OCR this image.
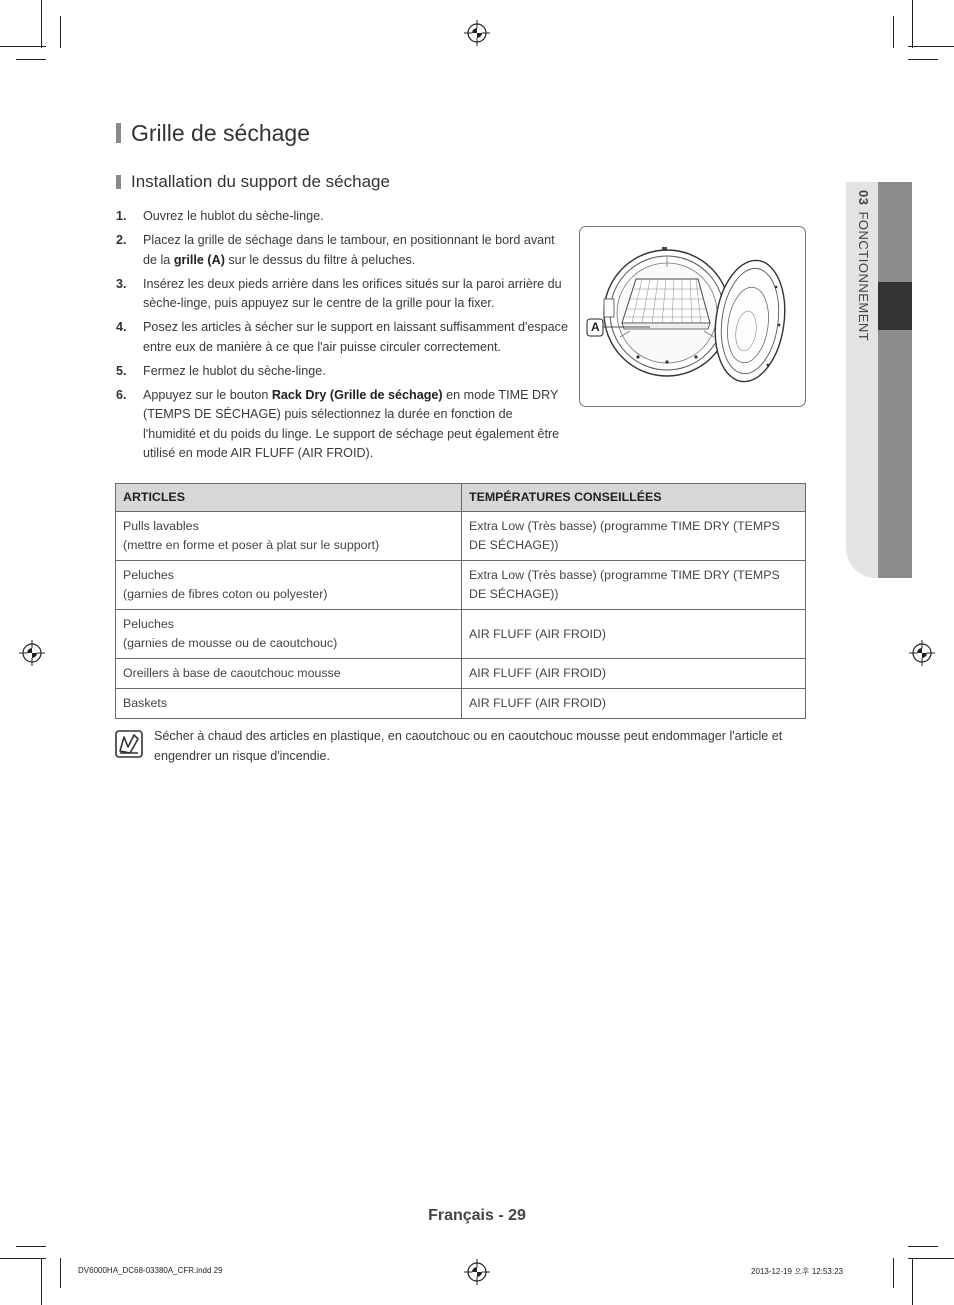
03FONCTIONNEMENT
Grille de séchage
Installation du support de séchage
1.	Ouvrez le hublot du sèche-linge.
2.	Placez la grille de séchage dans le tambour, en positionnant le bord avant de la grille (A) sur le dessus du filtre à peluches.
3.	Insérez les deux pieds arrière dans les orifices situés sur la paroi arrière du sèche-linge, puis appuyez sur le centre de la grille pour la fixer.
4.	Posez les articles à sécher sur le support en laissant suffisamment d'espace entre eux de manière à ce que l'air puisse circuler correctement.
5.	Fermez le hublot du sèche-linge.
6.	Appuyez sur le bouton Rack Dry (Grille de séchage) en mode TIME DRY (TEMPS DE SÉCHAGE) puis sélectionnez la durée en fonction de l'humidité et du poids du linge. Le support de séchage peut également être utilisé en mode AIR FLUFF (AIR FROID).
A
ARTICLES	TEMPÉRATURES CONSEILLÉES

Pulls lavables
(mettre en forme et poser à plat sur le support)	Extra Low (Très basse) (programme TIME DRY (TEMPS DE SÉCHAGE))

Peluches
(garnies de fibres coton ou polyester)	Extra Low (Très basse) (programme TIME DRY (TEMPS DE SÉCHAGE))

Peluches
(garnies de mousse ou de caoutchouc)	AIR FLUFF (AIR FROID)

Oreillers à base de caoutchouc mousse	AIR FLUFF (AIR FROID)

Baskets	AIR FLUFF (AIR FROID)
Sécher à chaud des articles en plastique, en caoutchouc ou en caoutchouc mousse peut endommager l'article et engendrer un risque d'incendie.
Français - 29
DV6000HA_DC68-03380A_CFR.indd 29	2013-12-19 오후 12:53:23
